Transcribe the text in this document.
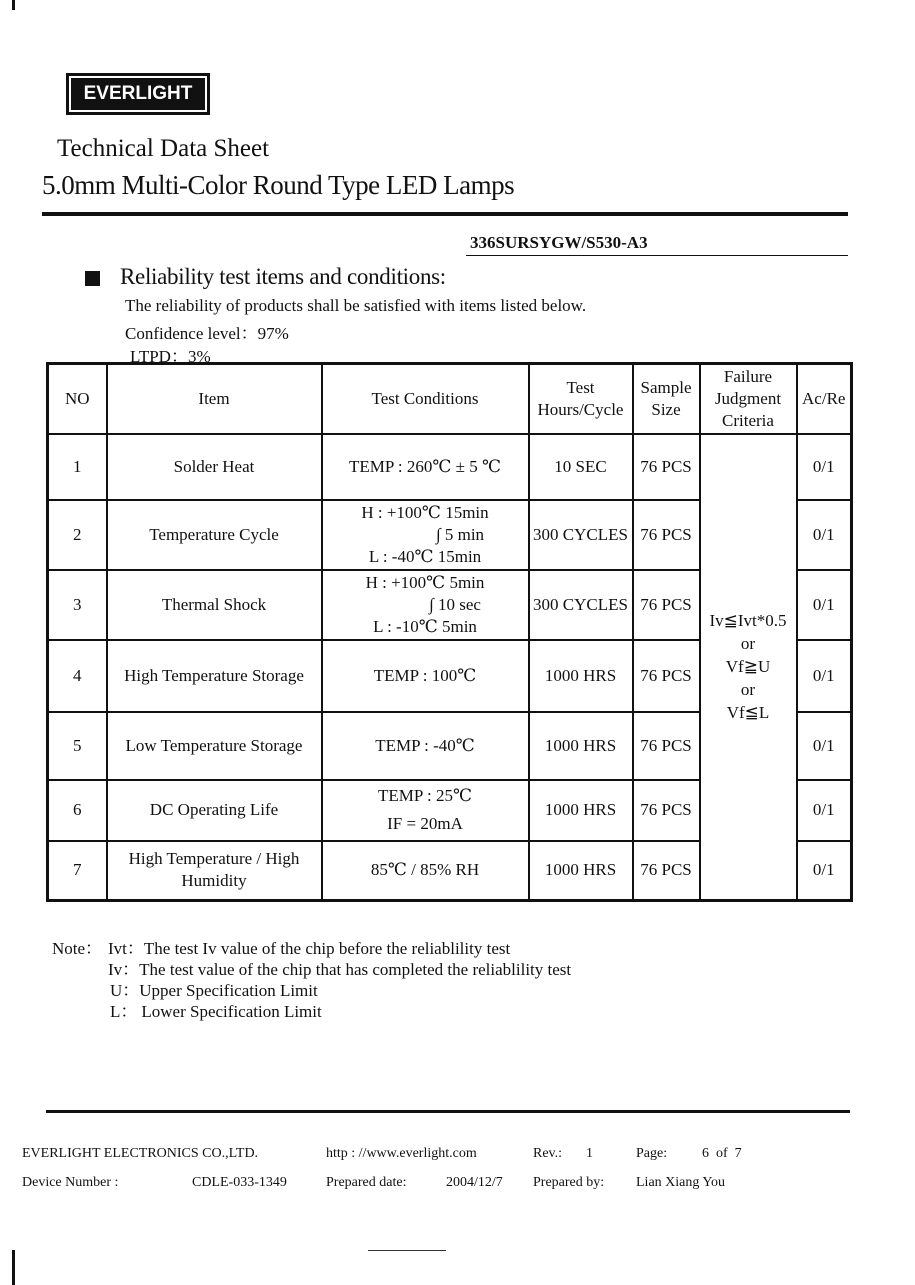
EVERLIGHT
Technical Data Sheet
5.0mm Multi-Color Round Type LED Lamps
336SURSYGW/S530-A3
Reliability test items and conditions:
The reliability of products shall be satisfied with items listed below.
Confidence level：97%
LTPD：3%
NO	Item	Test Conditions	Test
Hours/Cycle	Sample
Size	Failure
Judgment
Criteria	Ac/Re
1	Solder Heat	TEMP : 260℃ ± 5 ℃	10 SEC	76 PCS	Iv≦Ivt*0.5
or
Vf≧U
or
Vf≦L	0/1
2	Temperature Cycle	H : +100℃ 15min
∫ 5 min
L : -40℃ 15min	300 CYCLES	76 PCS		0/1
3	Thermal Shock	H : +100℃ 5min
∫ 10 sec
L : -10℃ 5min	300 CYCLES	76 PCS		0/1
4	High Temperature Storage	TEMP : 100℃	1000 HRS	76 PCS		0/1
5	Low Temperature Storage	TEMP : -40℃	1000 HRS	76 PCS		0/1
6	DC Operating Life	TEMP : 25℃
IF = 20mA	1000 HRS	76 PCS		0/1
7	High Temperature / High
Humidity	85℃ / 85% RH	1000 HRS	76 PCS		0/1
Note： Ivt： The test Iv value of the chip before the reliablility test
Iv： The test value of the chip that has completed the reliablility test
U： Upper Specification Limit
L： Lower Specification Limit
EVERLIGHT ELECTRONICS CO.,LTD.	http : //www.everlight.com	Rev.: 1	Page: 6  of  7
Device Number :	CDLE-033-1349	Prepared date:	2004/12/7 Prepared by: Lian Xiang You
